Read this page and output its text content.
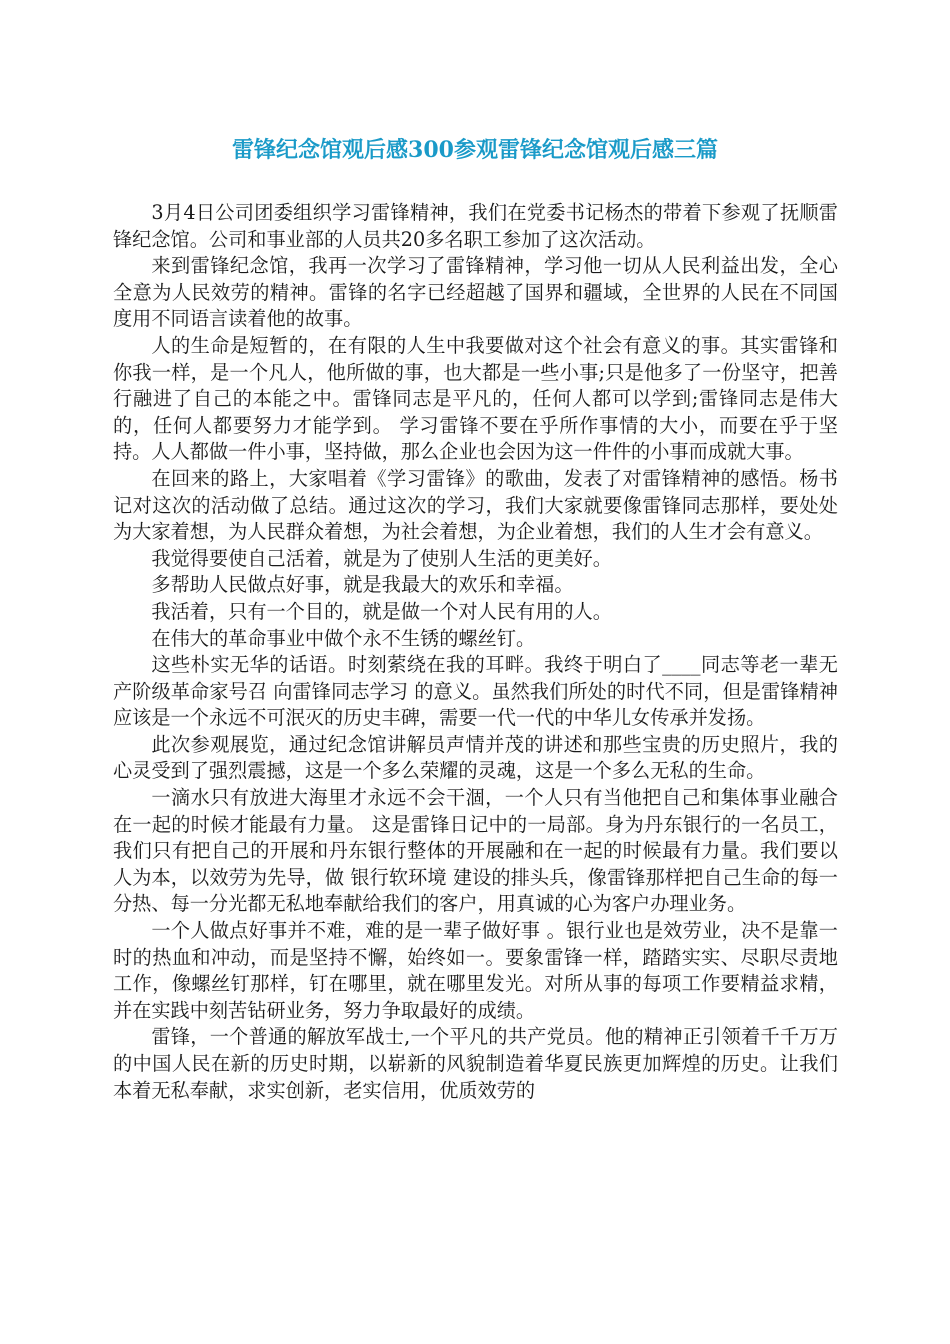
雷锋纪念馆观后感300参观雷锋纪念馆观后感三篇

3月4日公司团委组织学习雷锋精神，我们在党委书记杨杰的带着下参观了抚顺雷锋纪念馆。公司和事业部的人员共20多名职工参加了这次活动。

来到雷锋纪念馆，我再一次学习了雷锋精神，学习他一切从人民利益出发，全心全意为人民效劳的精神。雷锋的名字已经超越了国界和疆域，全世界的人民在不同国度用不同语言读着他的故事。

人的生命是短暂的，在有限的人生中我要做对这个社会有意义的事。其实雷锋和你我一样，是一个凡人，他所做的事，也大都是一些小事;只是他多了一份坚守，把善行融进了自己的本能之中。雷锋同志是平凡的，任何人都可以学到;雷锋同志是伟大的，任何人都要努力才能学到。 学习雷锋不要在乎所作事情的大小，而要在乎于坚持。人人都做一件小事，坚持做，那么企业也会因为这一件件的小事而成就大事。

在回来的路上，大家唱着《学习雷锋》的歌曲，发表了对雷锋精神的感悟。杨书记对这次的活动做了总结。通过这次的学习，我们大家就要像雷锋同志那样，要处处为大家着想，为人民群众着想，为社会着想，为企业着想，我们的人生才会有意义。

我觉得要使自己活着，就是为了使别人生活的更美好。

多帮助人民做点好事，就是我最大的欢乐和幸福。

我活着，只有一个目的，就是做一个对人民有用的人。

在伟大的革命事业中做个永不生锈的螺丝钉。

这些朴实无华的话语。时刻萦绕在我的耳畔。我终于明白了____同志等老一辈无产阶级革命家号召 向雷锋同志学习 的意义。虽然我们所处的时代不同，但是雷锋精神应该是一个永远不可泯灭的历史丰碑，需要一代一代的中华儿女传承并发扬。

此次参观展览，通过纪念馆讲解员声情并茂的讲述和那些宝贵的历史照片，我的心灵受到了强烈震撼，这是一个多么荣耀的灵魂，这是一个多么无私的生命。

一滴水只有放进大海里才永远不会干涸，一个人只有当他把自己和集体事业融合在一起的时候才能最有力量。 这是雷锋日记中的一局部。身为丹东银行的一名员工，我们只有把自己的开展和丹东银行整体的开展融和在一起的时候最有力量。我们要以人为本，以效劳为先导，做 银行软环境 建设的排头兵，像雷锋那样把自己生命的每一分热、每一分光都无私地奉献给我们的客户，用真诚的心为客户办理业务。

一个人做点好事并不难，难的是一辈子做好事 。银行业也是效劳业，决不是靠一时的热血和冲动，而是坚持不懈，始终如一。要象雷锋一样，踏踏实实、尽职尽责地工作，像螺丝钉那样，钉在哪里，就在哪里发光。对所从事的每项工作要精益求精，并在实践中刻苦钻研业务，努力争取最好的成绩。

雷锋，一个普通的解放军战士,一个平凡的共产党员。他的精神正引领着千千万万的中国人民在新的历史时期，以崭新的风貌制造着华夏民族更加辉煌的历史。让我们本着无私奉献，求实创新，老实信用，优质效劳的
